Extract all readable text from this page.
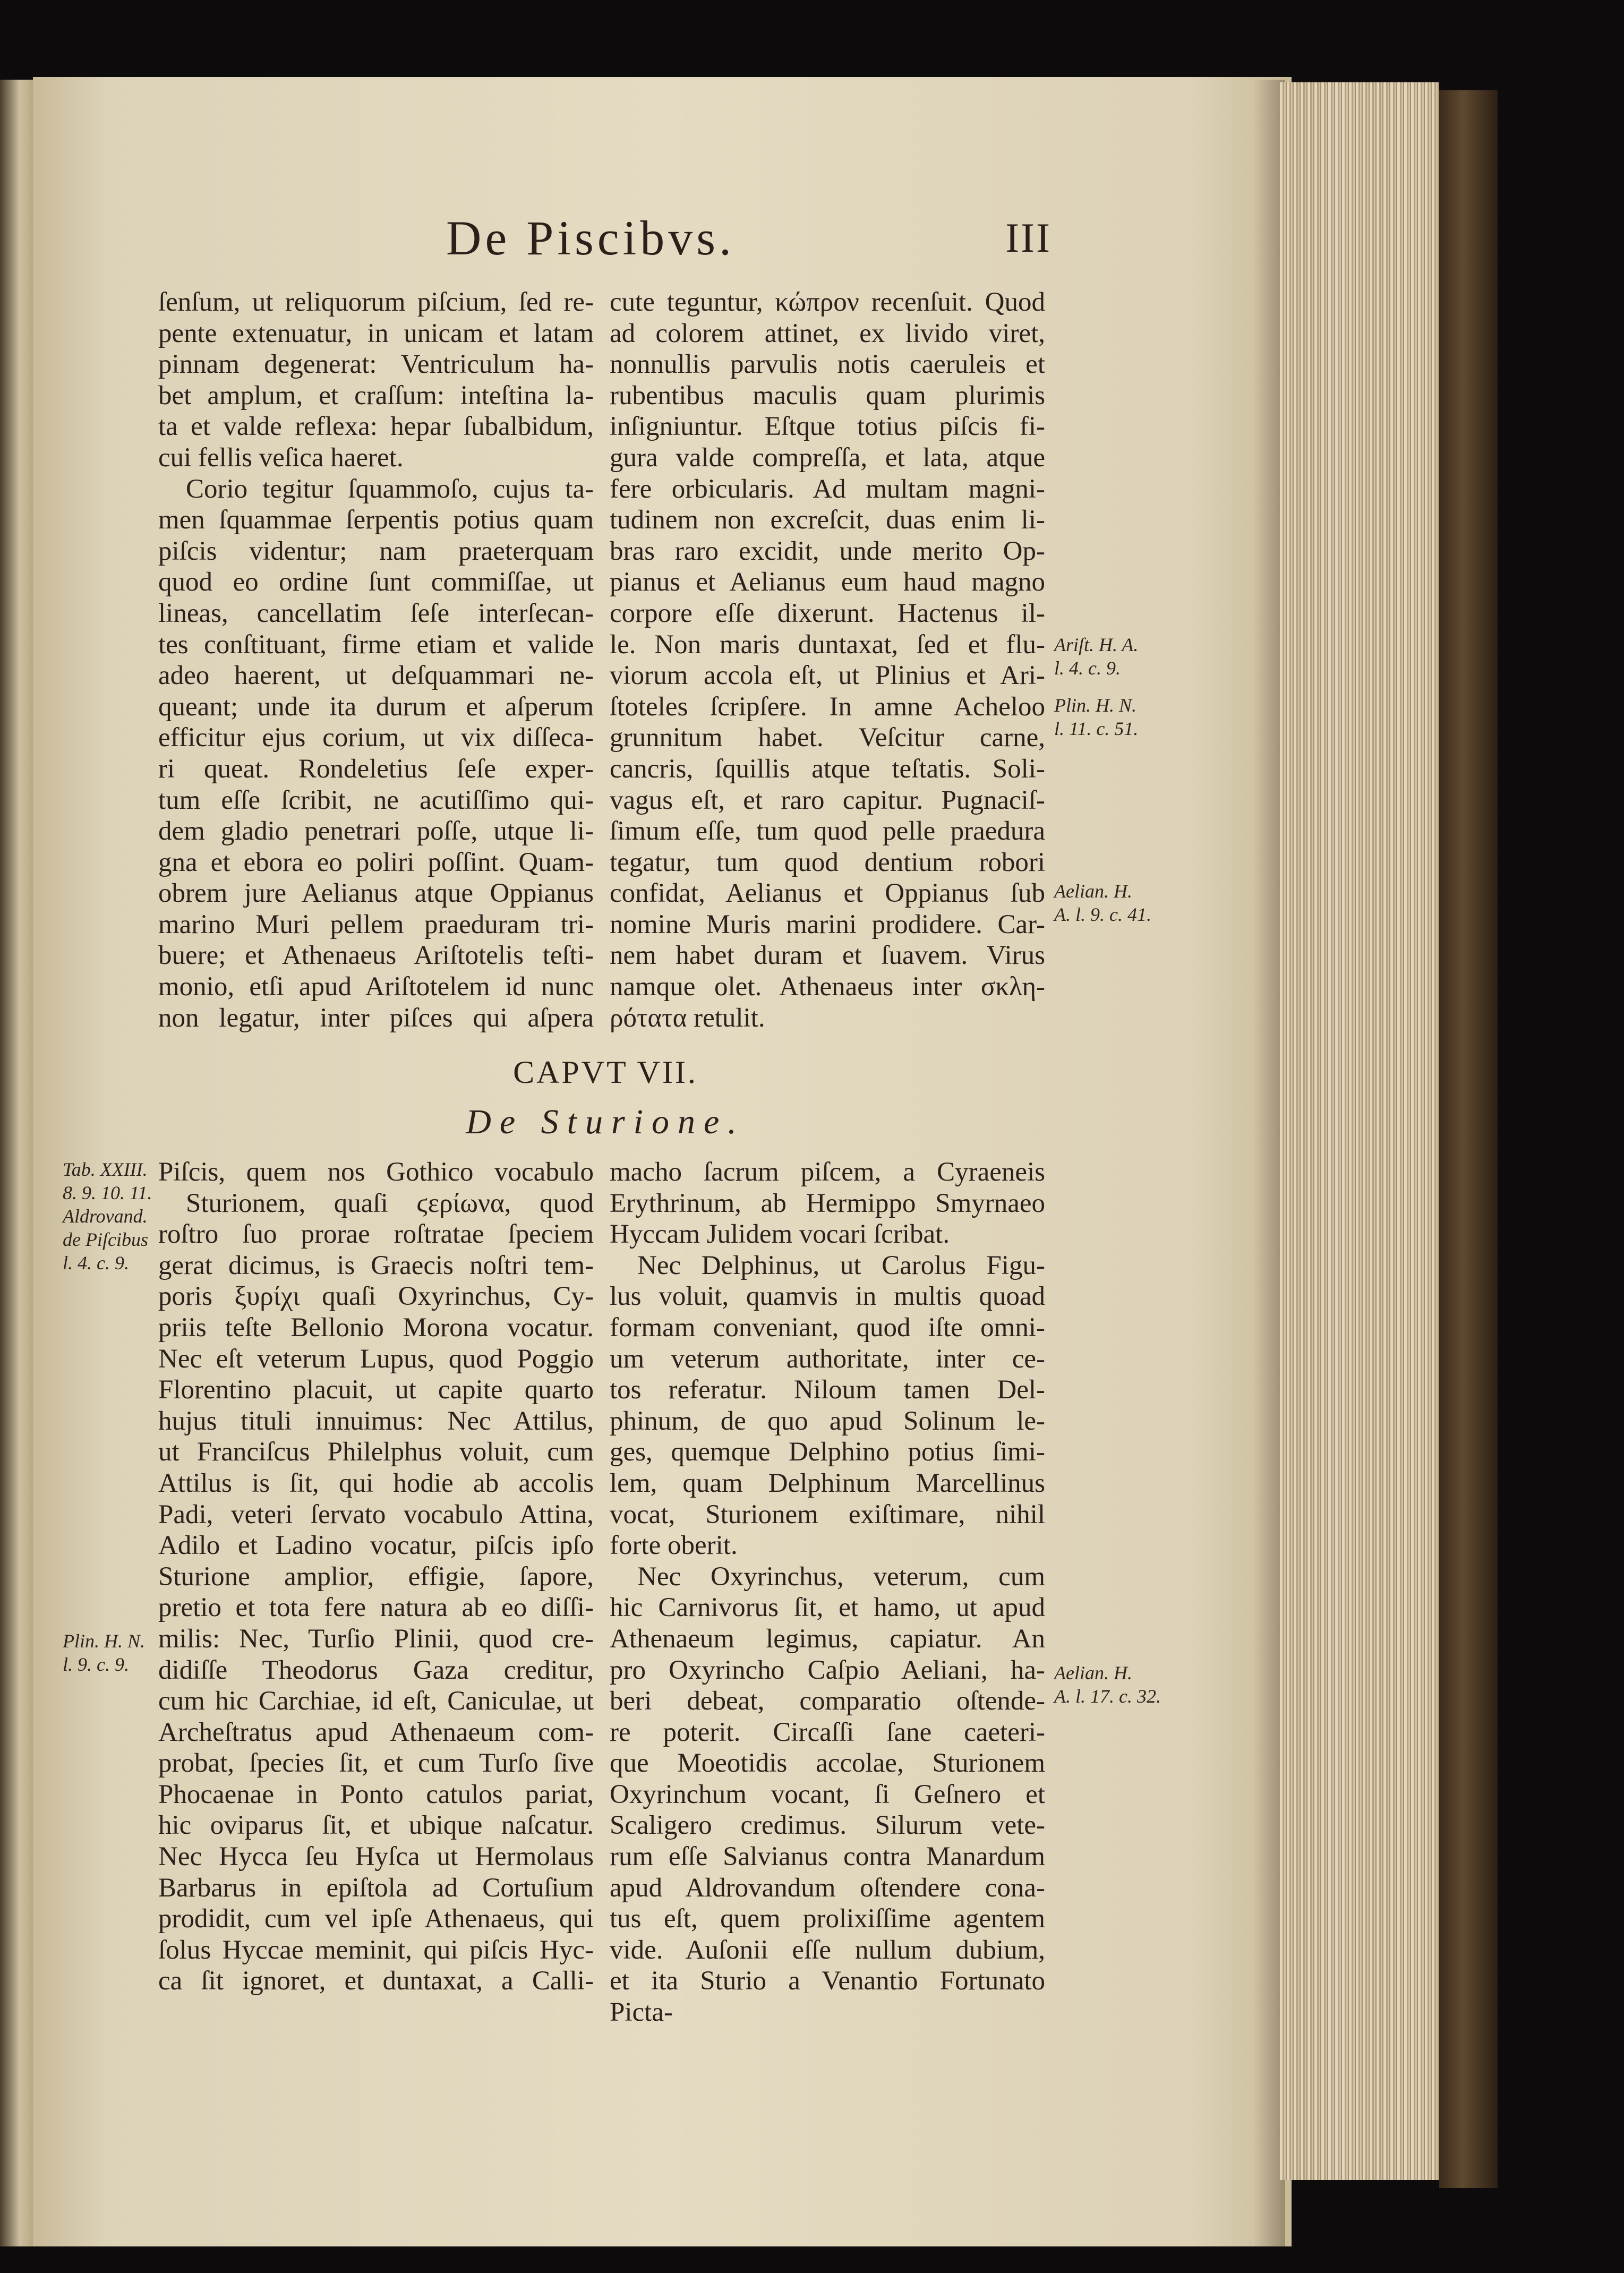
De Piscibvs.	III
ſenſum, ut reliquorum piſcium, ſed re-
pente extenuatur, in unicam et latam
pinnam degenerat: Ventriculum ha-
bet amplum, et craſſum: inteſtina la-
ta et valde reflexa: hepar ſubalbidum,
cui fellis veſica haeret.
Corio tegitur ſquammoſo, cujus ta-
men ſquammae ſerpentis potius quam
piſcis videntur; nam praeterquam
quod eo ordine ſunt commiſſae, ut
lineas, cancellatim ſeſe interſecan-
tes conſtituant, firme etiam et valide
adeo haerent, ut deſquammari ne-
queant; unde ita durum et aſperum
efficitur ejus corium, ut vix diſſeca-
ri queat. Rondeletius ſeſe exper-
tum eſſe ſcribit, ne acutiſſimo qui-
dem gladio penetrari poſſe, utque li-
gna et ebora eo poliri poſſint. Quam-
obrem jure Aelianus atque Oppianus
marino Muri pellem praeduram tri-
buere; et Athenaeus Ariſtotelis teſti-
monio, etſi apud Ariſtotelem id nunc
non legatur, inter piſces qui aſpera
cute teguntur, κώπρον recenſuit. Quod
ad colorem attinet, ex livido viret,
nonnullis parvulis notis caeruleis et
rubentibus maculis quam plurimis
inſigniuntur. Eſtque totius piſcis fi-
gura valde compreſſa, et lata, atque
fere orbicularis. Ad multam magni-
tudinem non excreſcit, duas enim li-
bras raro excidit, unde merito Op-
pianus et Aelianus eum haud magno
corpore eſſe dixerunt. Hactenus il-
le. Non maris duntaxat, ſed et flu-
viorum accola eſt, ut Plinius et Ari-
ſtoteles ſcripſere. In amne Acheloo
grunnitum habet. Veſcitur carne,
cancris, ſquillis atque teſtatis. Soli-
vagus eſt, et raro capitur. Pugnaciſ-
ſimum eſſe, tum quod pelle praedura
tegatur, tum quod dentium robori
confidat, Aelianus et Oppianus ſub
nomine Muris marini prodidere. Car-
nem habet duram et ſuavem. Virus
namque olet. Athenaeus inter σκλη-
ρότατα retulit.
CAPVT VII.
De Sturione.
Piſcis, quem nos Gothico vocabulo
Sturionem, quaſi ϛερίωνα, quod
roſtro ſuo prorae roſtratae ſpeciem
gerat dicimus, is Graecis noſtri tem-
poris ξυρίχι quaſi Oxyrinchus, Cy-
priis teſte Bellonio Morona vocatur.
Nec eſt veterum Lupus, quod Poggio
Florentino placuit, ut capite quarto
hujus tituli innuimus: Nec Attilus,
ut Franciſcus Philelphus voluit, cum
Attilus is ſit, qui hodie ab accolis
Padi, veteri ſervato vocabulo Attina,
Adilo et Ladino vocatur, piſcis ipſo
Sturione amplior, effigie, ſapore,
pretio et tota fere natura ab eo diſſi-
milis: Nec, Turſio Plinii, quod cre-
didiſſe Theodorus Gaza creditur,
cum hic Carchiae, id eſt, Caniculae, ut
Archeſtratus apud Athenaeum com-
probat, ſpecies ſit, et cum Turſo ſive
Phocaenae in Ponto catulos pariat,
hic oviparus ſit, et ubique naſcatur.
Nec Hycca ſeu Hyſca ut Hermolaus
Barbarus in epiſtola ad Cortuſium
prodidit, cum vel ipſe Athenaeus, qui
ſolus Hyccae meminit, qui piſcis Hyc-
ca ſit ignoret, et duntaxat, a Calli-
macho ſacrum piſcem, a Cyraeneis
Erythrinum, ab Hermippo Smyrnaeo
Hyccam Julidem vocari ſcribat.
Nec Delphinus, ut Carolus Figu-
lus voluit, quamvis in multis quoad
formam conveniant, quod iſte omni-
um veterum authoritate, inter ce-
tos referatur. Niloum tamen Del-
phinum, de quo apud Solinum le-
ges, quemque Delphino potius ſimi-
lem, quam Delphinum Marcellinus
vocat, Sturionem exiſtimare, nihil
forte oberit.
Nec Oxyrinchus, veterum, cum
hic Carnivorus ſit, et hamo, ut apud
Athenaeum legimus, capiatur. An
pro Oxyrincho Caſpio Aeliani, ha-
beri debeat, comparatio oſtende-
re poterit. Circaſſi ſane caeteri-
que Moeotidis accolae, Sturionem
Oxyrinchum vocant, ſi Geſnero et
Scaligero credimus. Silurum vete-
rum eſſe Salvianus contra Manardum
apud Aldrovandum oſtendere cona-
tus eſt, quem prolixiſſime agentem
vide. Auſonii eſſe nullum dubium,
et ita Sturio a Venantio Fortunato
Picta-
Ariſt. H. A.
l. 4. c. 9.
Plin. H. N.
l. 11. c. 51.
Aelian. H.
A. l. 9. c. 41.
Aelian. H.
A. l. 17. c. 32.
Tab. XXIII.
8. 9. 10. 11.
Aldrovand.
de Piſcibus
l. 4. c. 9.
Plin. H. N.
l. 9. c. 9.
